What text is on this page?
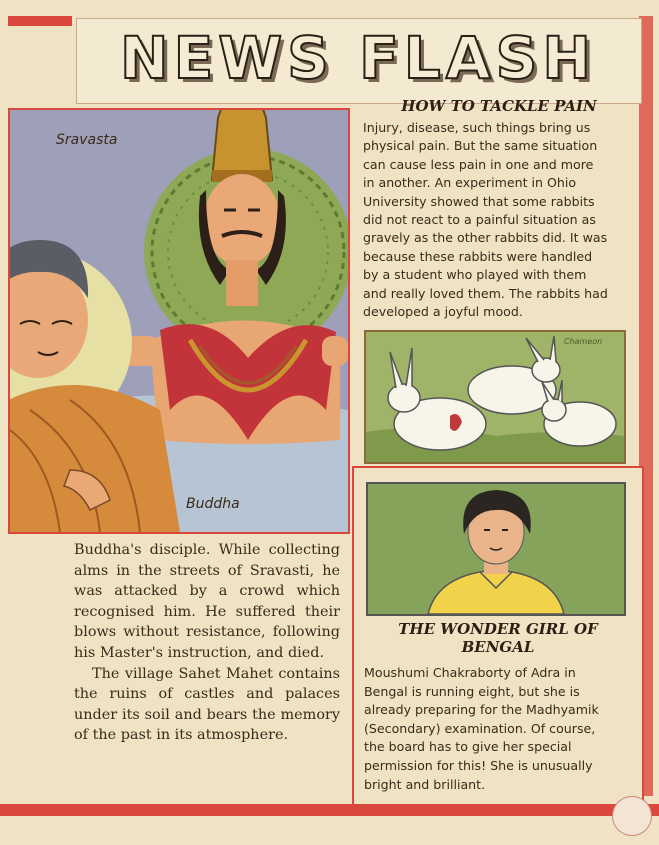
NEWS FLASH
Sravasta
Buddha
HOW TO TACKLE PAIN
Injury, disease, such things bring us
physical pain. But the same situation
can cause less pain in one and more
in another. An experiment in Ohio
University showed that some rabbits
did not react to a painful situation as
gravely as the other rabbits did. It was
because these rabbits were handled
by a student who played with them
and really loved them. The rabbits had
developed a joyful mood.
Chameon
THE WONDER GIRL OF
BENGAL
Moushumi Chakraborty of Adra in
Bengal is running eight, but she is
already preparing for the Madhyamik
(Secondary) examination. Of course,
the board has to give her special
permission for this! She is unusually
bright and brilliant.

Buddha's disciple. While collecting alms in the streets of Sravasti, he was attacked by a crowd which recognised him. He suffered their blows without resistance, following his Master's instruction, and died.

The village Sahet Mahet contains the ruins of castles and palaces under its soil and bears the memory of the past in its atmosphere.
